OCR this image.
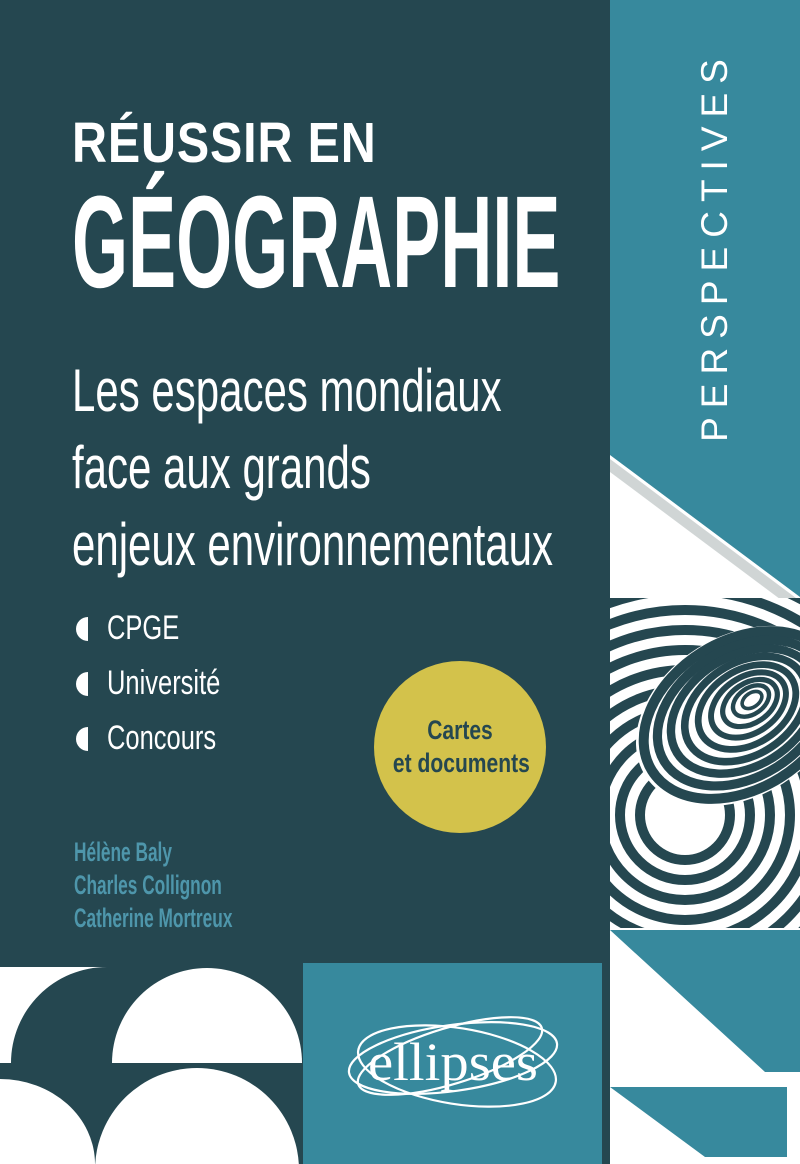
PERSPECTIVES
RÉUSSIR EN
GÉOGRAPHIE
Les espaces mondiaux
face aux grands
enjeux environnementaux
CPGE
Université
Concours	Cartes
et documents
Hélène Baly
Charles Collignon
Catherine Mortreux
ellipses
